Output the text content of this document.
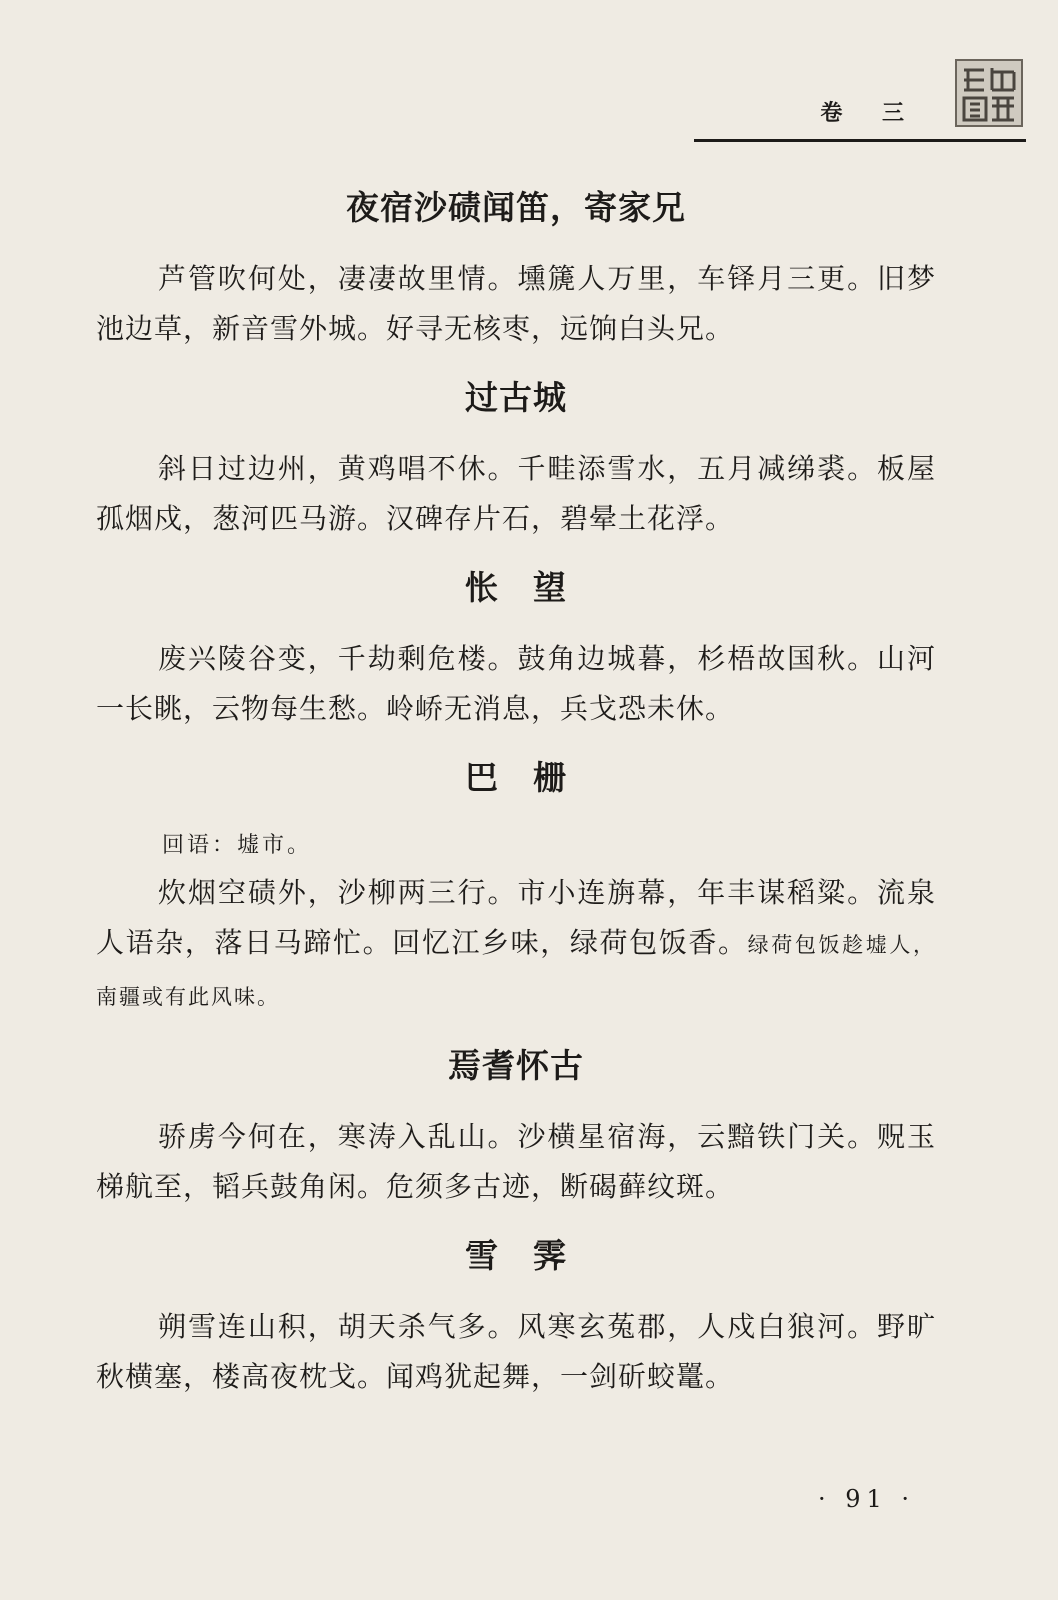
卷 三
夜宿沙碛闻笛，寄家兄
芦管吹何处，凄凄故里情。壎篪人万里，车铎月三更。旧梦池边草，新音雪外城。好寻无核枣，远饷白头兄。
过古城
斜日过边州，黄鸡唱不休。千畦添雪水，五月减绨裘。板屋孤烟戍，葱河匹马游。汉碑存片石，碧晕土花浮。
怅　望
废兴陵谷变，千劫剩危楼。鼓角边城暮，杉梧故国秋。山河一长眺，云物每生愁。岭峤无消息，兵戈恐未休。
巴　栅
回语：墟市。
炊烟空碛外，沙柳两三行。市小连旃幕，年丰谋稻粱。流泉人语杂，落日马蹄忙。回忆江乡味，绿荷包饭香。绿荷包饭趁墟人，南疆或有此风味。
焉耆怀古
骄虏今何在，寒涛入乱山。沙横星宿海，云黯铁门关。贶玉梯航至，韬兵鼓角闲。危须多古迹，断碣藓纹斑。
雪　霁
朔雪连山积，胡天杀气多。风寒玄菟郡，人戍白狼河。野旷秋横塞，楼高夜枕戈。闻鸡犹起舞，一剑斫蛟鼍。
· 91 ·
